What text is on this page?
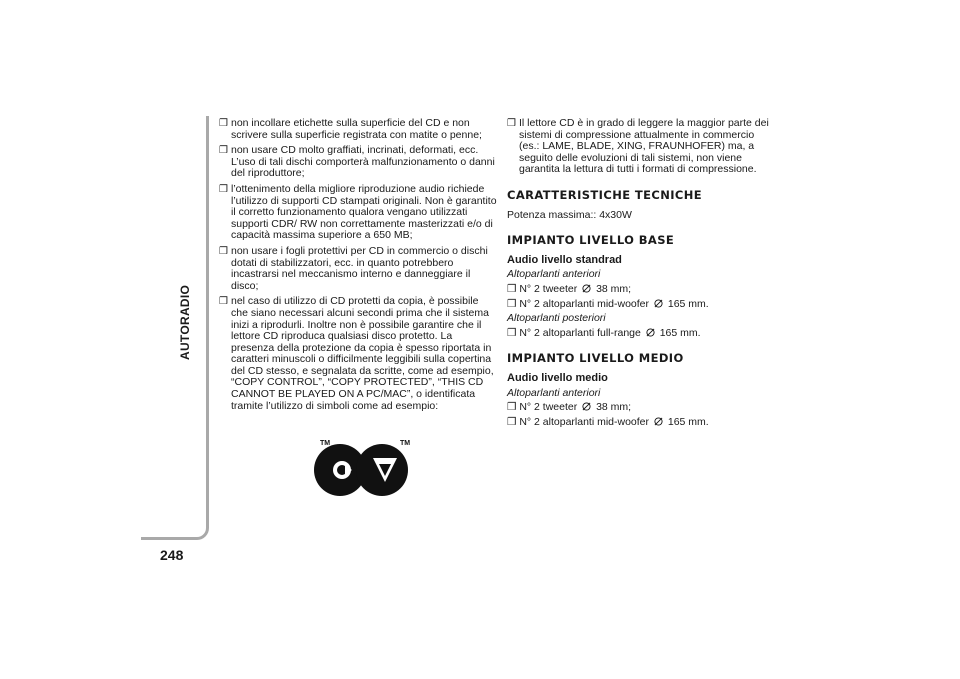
AUTORADIO
248
❒ non incollare etichette sulla superficie del CD e non scrivere sulla superficie registrata con matite o penne;
❒ non usare CD molto graffiati, incrinati, deformati, ecc. L’uso di tali dischi comporterà malfunzionamento o danni del riproduttore;
❒ l’ottenimento della migliore riproduzione audio richiede l’utilizzo di supporti CD stampati originali. Non è garantito il corretto funzionamento qualora vengano utilizzati supporti CDR/ RW non correttamente masterizzati e/o di capacità massima superiore a 650 MB;
❒ non usare i fogli protettivi per CD in commercio o dischi dotati di stabilizzatori, ecc. in quanto potrebbero incastrarsi nel meccanismo interno e danneggiare il disco;
❒ nel caso di utilizzo di CD protetti da copia, è possibile che siano necessari alcuni secondi prima che il sistema inizi a riprodurli. Inoltre non è possibile garantire che il lettore CD riproduca qualsiasi disco protetto. La presenza della protezione da copia è spesso riportata in caratteri minuscoli o difficilmente leggibili sulla copertina del CD stesso, e segnalata da scritte, come ad esempio, “COPY CONTROL”, “COPY PROTECTED”, “THIS CD CANNOT BE PLAYED ON A PC/MAC”, o identificata tramite l’utilizzo di simboli come ad esempio:
TM	TM
❒ Il lettore CD è in grado di leggere la maggior parte dei sistemi di compressione attualmente in commercio (es.: LAME, BLADE, XING, FRAUNHOFER) ma, a seguito delle evoluzioni di tali sistemi, non viene garantita la lettura di tutti i formati di compressione.
CARATTERISTICHE TECNICHE
Potenza massima:: 4x30W
IMPIANTO LIVELLO BASE
Audio livello standrad
Altoparlanti anteriori
❒ N° 2 tweeter 38 mm;
❒ N° 2 altoparlanti mid-woofer 165 mm.
Altoparlanti posteriori
❒ N° 2 altoparlanti full-range 165 mm.
IMPIANTO LIVELLO MEDIO
Audio livello medio
Altoparlanti anteriori
❒ N° 2 tweeter 38 mm;
❒ N° 2 altoparlanti mid-woofer 165 mm.
